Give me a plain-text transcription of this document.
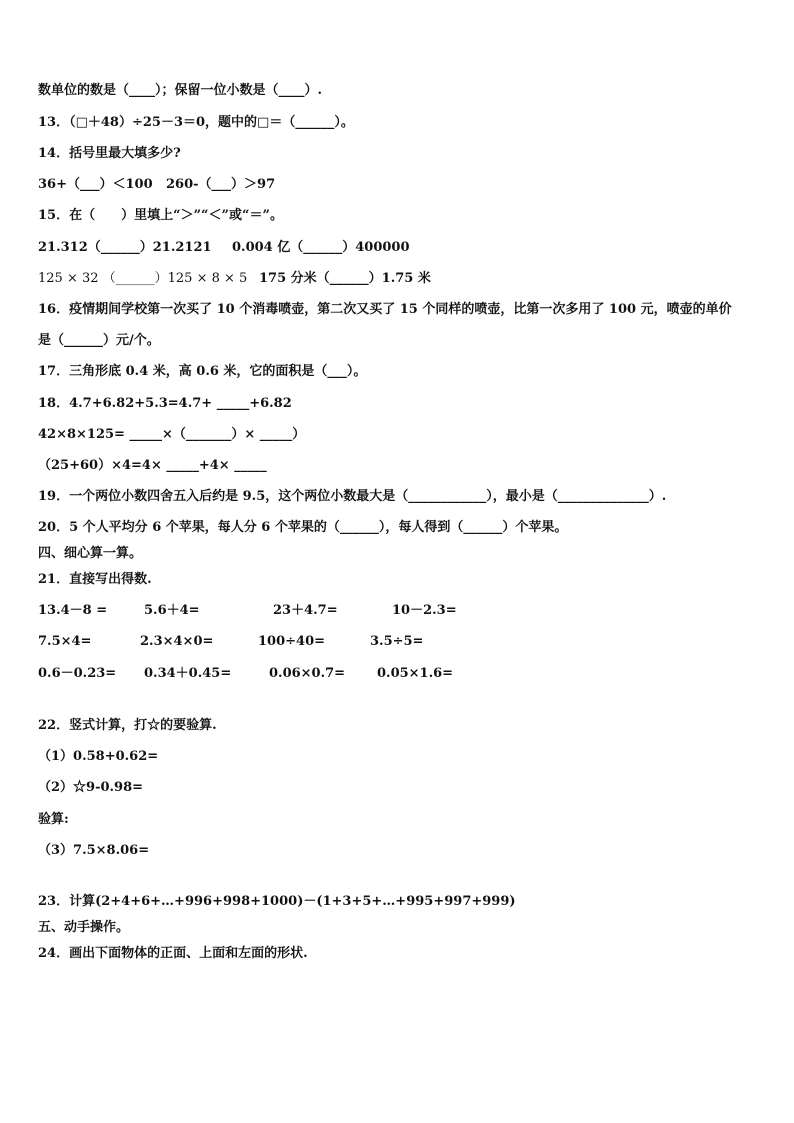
数单位的数是（____）；保留一位小数是（____）.
13．（□＋48）÷25－3＝0，题中的□＝（______）。
14．括号里最大填多少?
36+（___）＜100 260-（___）＞97
15．在（　　）里填上“＞”“＜”或“＝”。
21.312（______）21.2121 0.004 亿（______）400000
125 × 32 （______）125 × 8 × 5 175 分米（______）1.75 米
16．疫情期间学校第一次买了 10 个消毒喷壶，第二次又买了 15 个同样的喷壶，比第一次多用了 100 元，喷壶的单价
是（______）元/个。
17．三角形底 0.4 米，高 0.6 米，它的面积是（___）。
18．4.7+6.82+5.3=4.7+ _____+6.82
42×8×125= _____×（_______）× _____）
（25+60）×4=4× _____+4× _____
19．一个两位小数四舍五入后约是 9.5，这个两位小数最大是（____________），最小是（______________）.
20．5 个人平均分 6 个苹果，每人分 6 个苹果的（______），每人得到（______）个苹果。
四、细心算一算。
21．直接写出得数.
13.4－8 =	5.6＋4=	23＋4.7=	10－2.3=
7.5×4=	2.3×4×0=	100÷40=	3.5÷5=
0.6－0.23= 0.34＋0.45=	0.06×0.7= 0.05×1.6=
22．竖式计算，打☆的要验算.
（1）0.58+0.62=
（2）☆9-0.98=
验算:
（3）7.5×8.06=
23．计算(2+4+6+…+996+998+1000)－(1+3+5+…+995+997+999)
五、动手操作。
24．画出下面物体的正面、上面和左面的形状.
